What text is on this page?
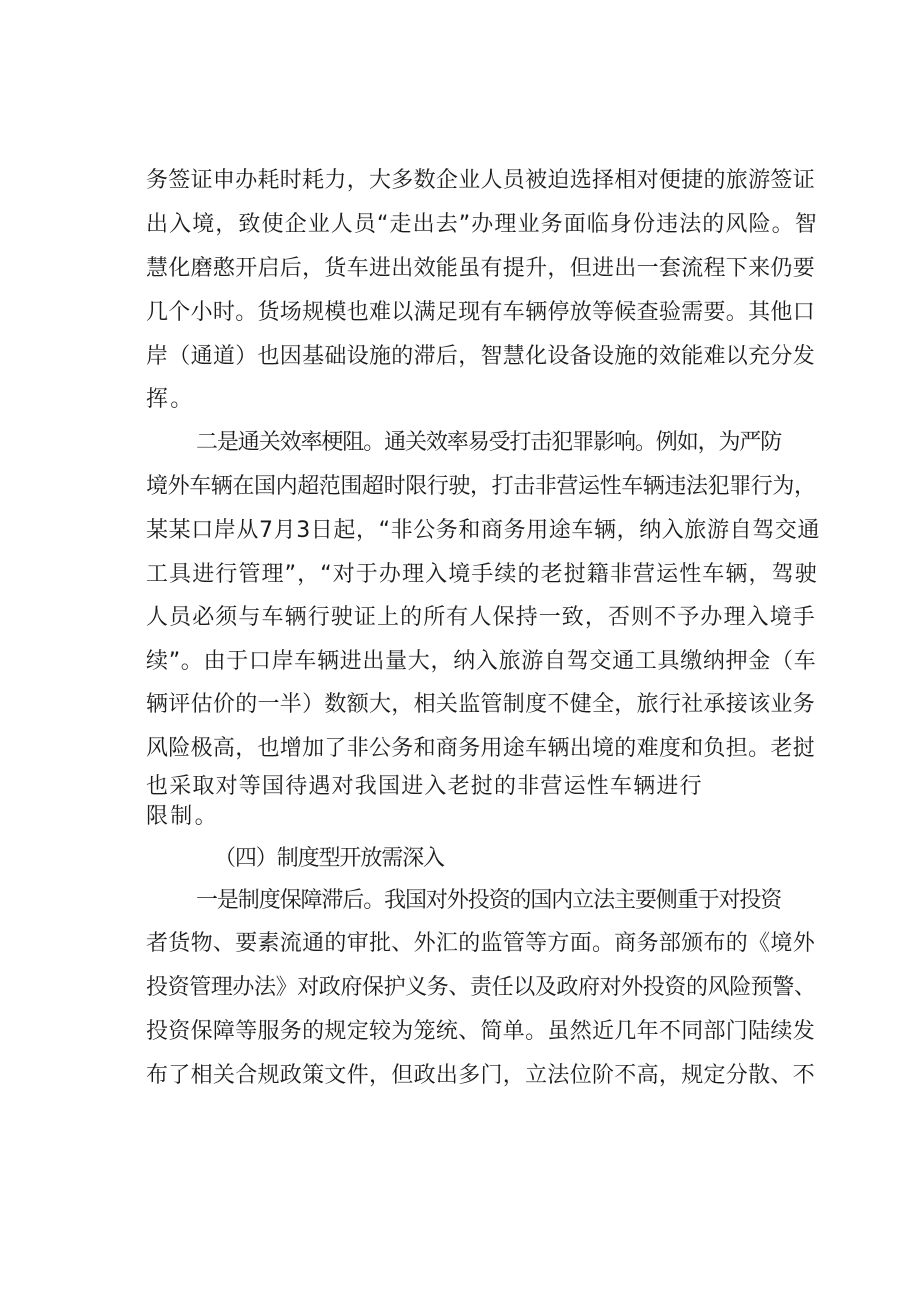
务签证申办耗时耗力，大多数企业人员被迫选择相对便捷的旅游签证
出入境，致使企业人员“走出去”办理业务面临身份违法的风险。智
慧化磨憨开启后，货车进出效能虽有提升，但进出一套流程下来仍要
几个小时。货场规模也难以满足现有车辆停放等候查验需要。其他口
岸（通道）也因基础设施的滞后，智慧化设备设施的效能难以充分发
挥。
二是通关效率梗阻。通关效率易受打击犯罪影响。例如，为严防
境外车辆在国内超范围超时限行驶，打击非营运性车辆违法犯罪行为，
某某口岸从7月3日起，“非公务和商务用途车辆，纳入旅游自驾交通
工具进行管理”，“对于办理入境手续的老挝籍非营运性车辆，驾驶
人员必须与车辆行驶证上的所有人保持一致，否则不予办理入境手
续”。由于口岸车辆进出量大，纳入旅游自驾交通工具缴纳押金（车
辆评估价的一半）数额大，相关监管制度不健全，旅行社承接该业务
风险极高，也增加了非公务和商务用途车辆出境的难度和负担。老挝
也采取对等国待遇对我国进入老挝的非营运性车辆进行
限制。
（四）制度型开放需深入
一是制度保障滞后。我国对外投资的国内立法主要侧重于对投资
者货物、要素流通的审批、外汇的监管等方面。商务部颁布的《境外
投资管理办法》对政府保护义务、责任以及政府对外投资的风险预警、
投资保障等服务的规定较为笼统、简单。虽然近几年不同部门陆续发
布了相关合规政策文件，但政出多门，立法位阶不高，规定分散、不
